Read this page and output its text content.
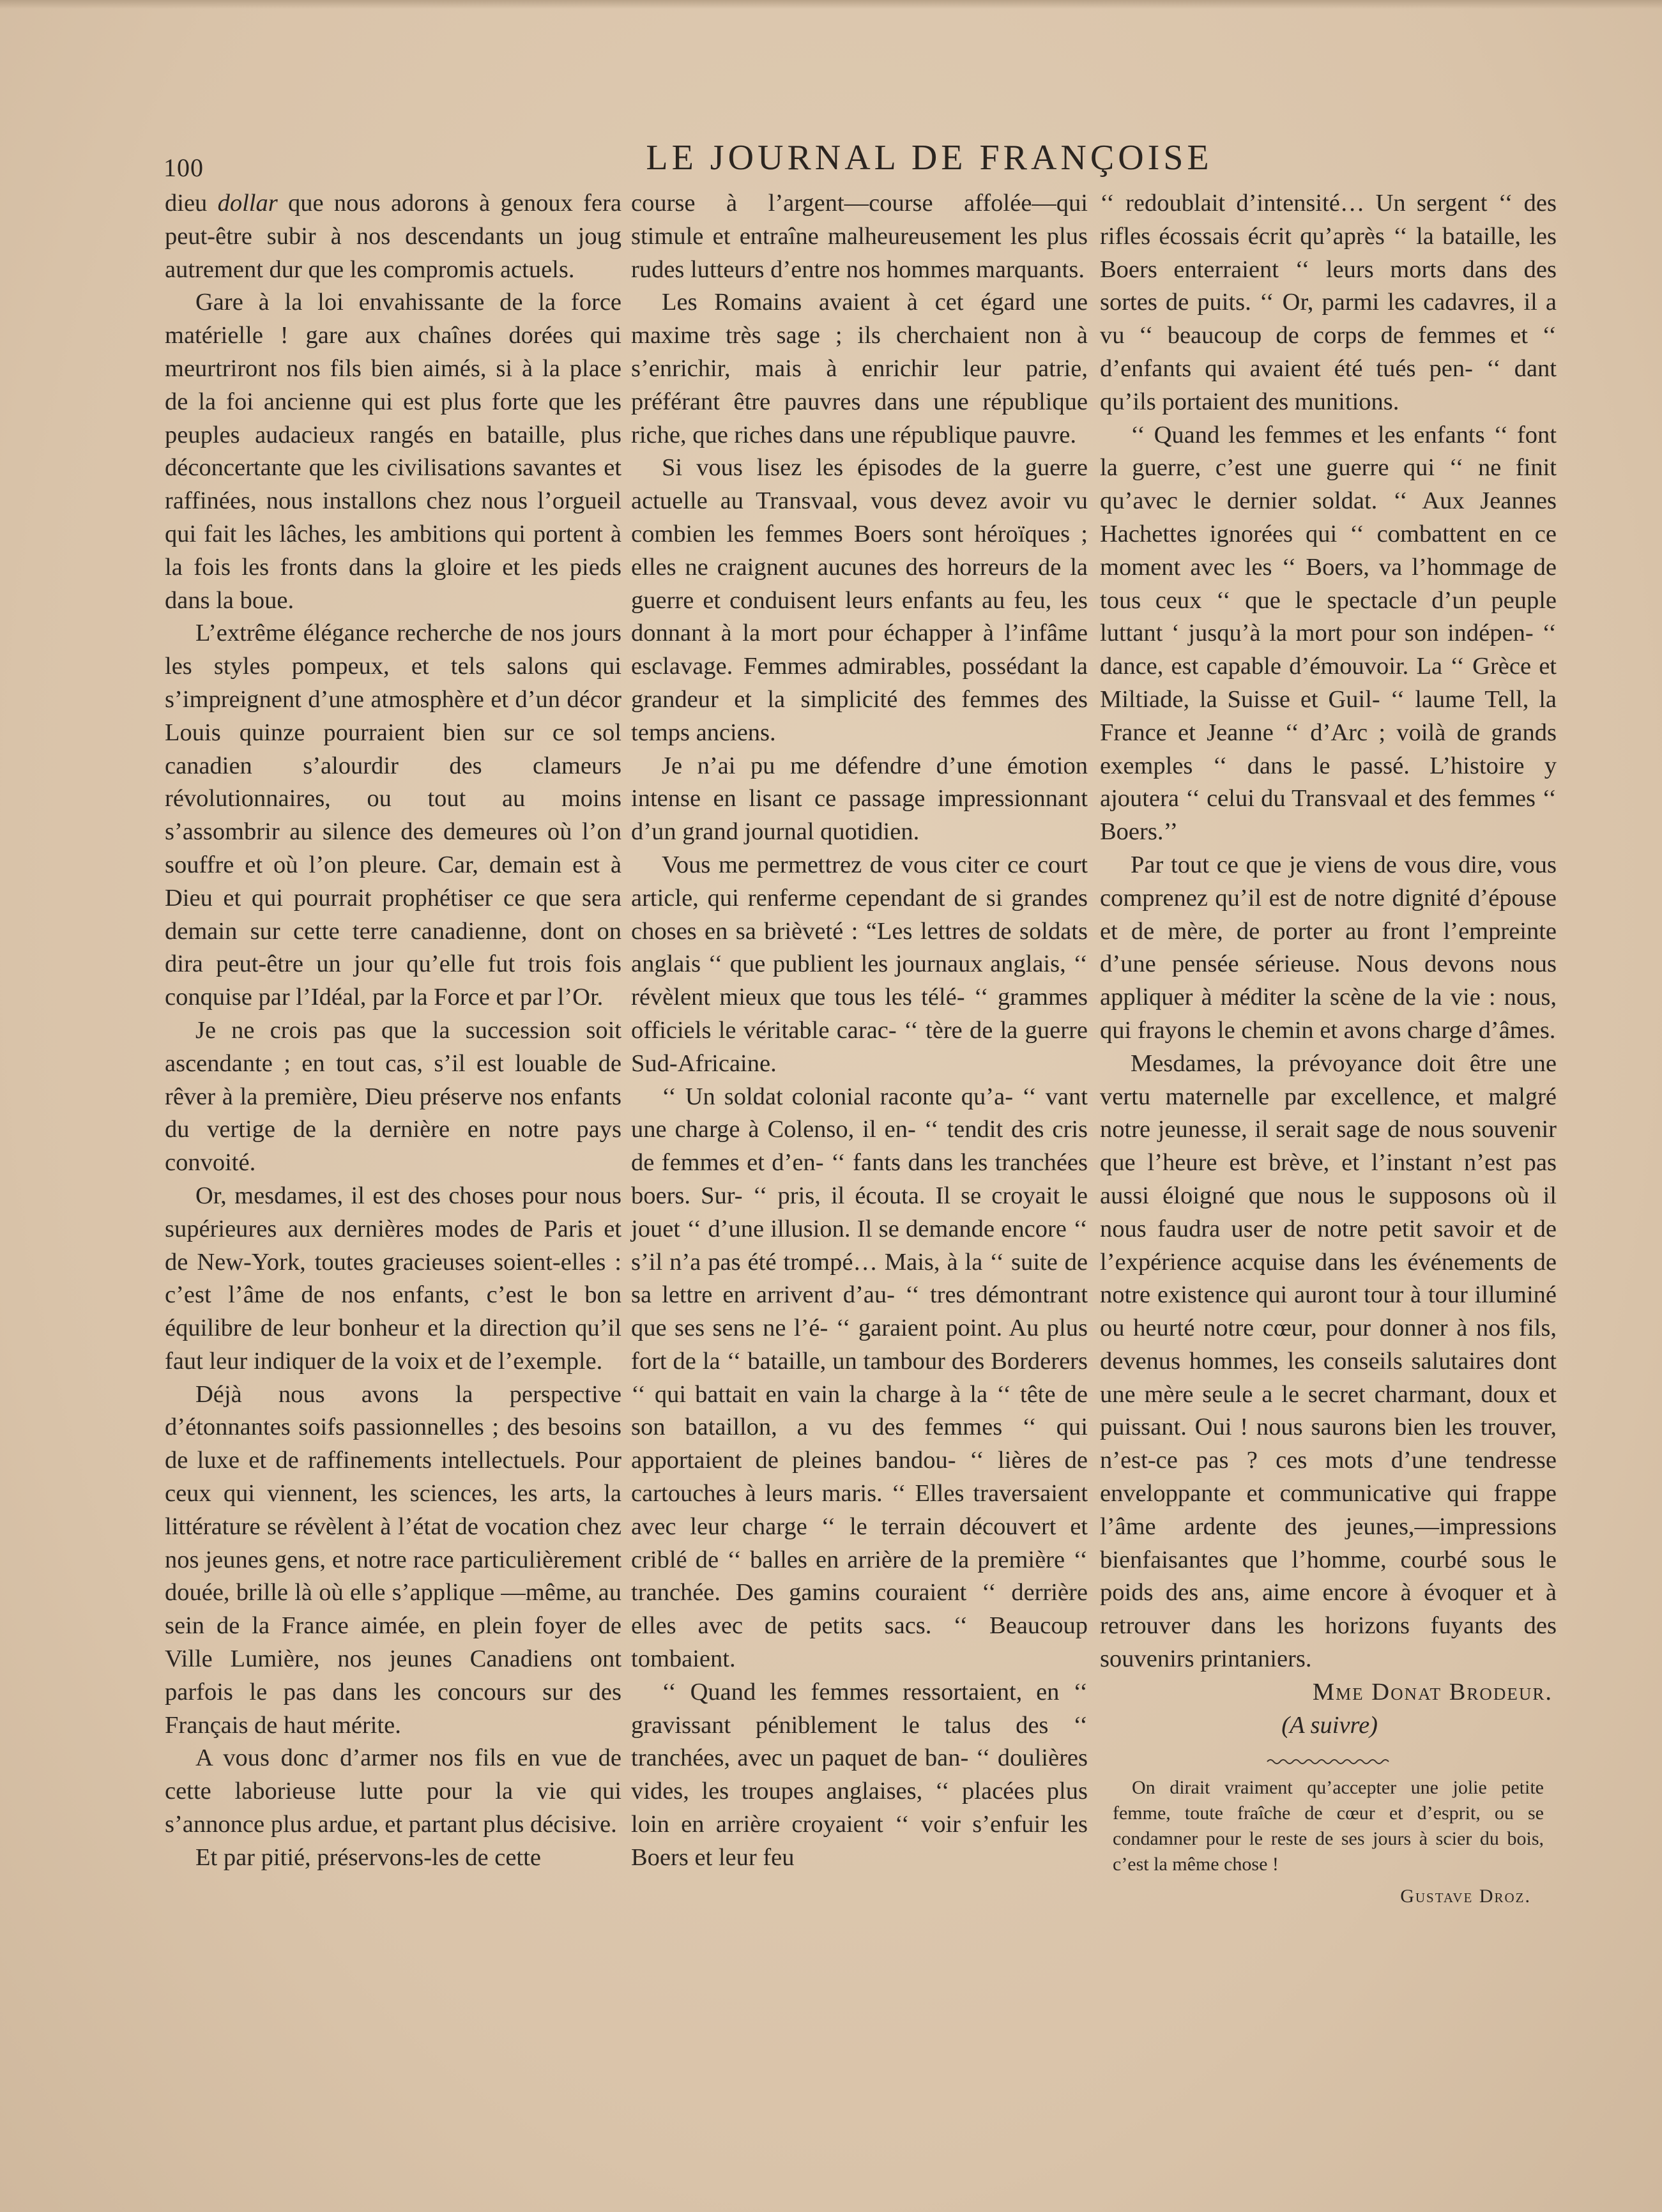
100	LE JOURNAL DE FRANÇOISE

dieu dollar que nous adorons à genoux fera peut-être subir à nos descendants un joug autrement dur que les compromis actuels.

Gare à la loi envahissante de la force matérielle ! gare aux chaînes dorées qui meurtriront nos fils bien aimés, si à la place de la foi ancienne qui est plus forte que les peuples audacieux rangés en bataille, plus déconcertante que les civilisations savantes et raffinées, nous installons chez nous l’orgueil qui fait les lâches, les ambitions qui portent à la fois les fronts dans la gloire et les pieds dans la boue.

L’extrême élégance recherche de nos jours les styles pompeux, et tels salons qui s’impreignent d’une atmosphère et d’un décor Louis quinze pourraient bien sur ce sol canadien s’alourdir des clameurs révolutionnaires, ou tout au moins s’assombrir au silence des demeures où l’on souffre et où l’on pleure. Car, demain est à Dieu et qui pourrait prophétiser ce que sera demain sur cette terre canadienne, dont on dira peut-être un jour qu’elle fut trois fois conquise par l’Idéal, par la Force et par l’Or.

Je ne crois pas que la succession soit ascendante ; en tout cas, s’il est louable de rêver à la première, Dieu préserve nos enfants du vertige de la dernière en notre pays convoité.

Or, mesdames, il est des choses pour nous supérieures aux dernières modes de Paris et de New-York, toutes gracieuses soient-elles : c’est l’âme de nos enfants, c’est le bon équilibre de leur bonheur et la direction qu’il faut leur indiquer de la voix et de l’exemple.

Déjà nous avons la perspective d’étonnantes soifs passionnelles ; des besoins de luxe et de raffinements intellectuels. Pour ceux qui viennent, les sciences, les arts, la littérature se révèlent à l’état de vocation chez nos jeunes gens, et notre race particulièrement douée, brille là où elle s’applique —même, au sein de la France aimée, en plein foyer de Ville Lumière, nos jeunes Canadiens ont parfois le pas dans les concours sur des Français de haut mérite.

A vous donc d’armer nos fils en vue de cette laborieuse lutte pour la vie qui s’annonce plus ardue, et partant plus décisive.

Et par pitié, préservons-les de cette

course à l’argent—course affolée—qui stimule et entraîne malheureusement les plus rudes lutteurs d’entre nos hommes marquants.

Les Romains avaient à cet égard une maxime très sage ; ils cherchaient non à s’enrichir, mais à enrichir leur patrie, préférant être pauvres dans une république riche, que riches dans une république pauvre.

Si vous lisez les épisodes de la guerre actuelle au Transvaal, vous devez avoir vu combien les femmes Boers sont héroïques ; elles ne craignent aucunes des horreurs de la guerre et conduisent leurs enfants au feu, les donnant à la mort pour échapper à l’infâme esclavage. Femmes admirables, possédant la grandeur et la simplicité des femmes des temps anciens.

Je n’ai pu me défendre d’une émotion intense en lisant ce passage impressionnant d’un grand journal quotidien.

Vous me permettrez de vous citer ce court article, qui renferme cependant de si grandes choses en sa brièveté : “Les lettres de soldats anglais ‘‘ que publient les journaux anglais, ‘‘ révèlent mieux que tous les télé- ‘‘ grammes officiels le véritable carac- ‘‘ tère de la guerre Sud-Africaine.

‘‘ Un soldat colonial raconte qu’a- ‘‘ vant une charge à Colenso, il en- ‘‘ tendit des cris de femmes et d’en- ‘‘ fants dans les tranchées boers. Sur- ‘‘ pris, il écouta. Il se croyait le jouet ‘‘ d’une illusion. Il se demande encore ‘‘ s’il n’a pas été trompé… Mais, à la ‘‘ suite de sa lettre en arrivent d’au- ‘‘ tres démontrant que ses sens ne l’é- ‘‘ garaient point. Au plus fort de la ‘‘ bataille, un tambour des Borderers ‘‘ qui battait en vain la charge à la ‘‘ tête de son bataillon, a vu des femmes ‘‘ qui apportaient de pleines bandou- ‘‘ lières de cartouches à leurs maris. ‘‘ Elles traversaient avec leur charge ‘‘ le terrain découvert et criblé de ‘‘ balles en arrière de la première ‘‘ tranchée. Des gamins couraient ‘‘ derrière elles avec de petits sacs. ‘‘ Beaucoup tombaient.

‘‘ Quand les femmes ressortaient, en ‘‘ gravissant péniblement le talus des ‘‘ tranchées, avec un paquet de ban- ‘‘ doulières vides, les troupes anglaises, ‘‘ placées plus loin en arrière croyaient ‘‘ voir s’enfuir les Boers et leur feu

‘‘ redoublait d’intensité… Un sergent ‘‘ des rifles écossais écrit qu’après ‘‘ la bataille, les Boers enterraient ‘‘ leurs morts dans des sortes de puits. ‘‘ Or, parmi les cadavres, il a vu ‘‘ beaucoup de corps de femmes et ‘‘ d’enfants qui avaient été tués pen- ‘‘ dant qu’ils portaient des munitions.

‘‘ Quand les femmes et les enfants ‘‘ font la guerre, c’est une guerre qui ‘‘ ne finit qu’avec le dernier soldat. ‘‘ Aux Jeannes Hachettes ignorées qui ‘‘ combattent en ce moment avec les ‘‘ Boers, va l’hommage de tous ceux ‘‘ que le spectacle d’un peuple luttant ‘ jusqu’à la mort pour son indépen- ‘‘ dance, est capable d’émouvoir. La ‘‘ Grèce et Miltiade, la Suisse et Guil- ‘‘ laume Tell, la France et Jeanne ‘‘ d’Arc ; voilà de grands exemples ‘‘ dans le passé. L’histoire y ajoutera ‘‘ celui du Transvaal et des femmes ‘‘ Boers.’’

Par tout ce que je viens de vous dire, vous comprenez qu’il est de notre dignité d’épouse et de mère, de porter au front l’empreinte d’une pensée sérieuse. Nous devons nous appliquer à méditer la scène de la vie : nous, qui frayons le chemin et avons charge d’âmes.

Mesdames, la prévoyance doit être une vertu maternelle par excellence, et malgré notre jeunesse, il serait sage de nous souvenir que l’heure est brève, et l’instant n’est pas aussi éloigné que nous le supposons où il nous faudra user de notre petit savoir et de l’expérience acquise dans les événements de notre existence qui auront tour à tour illuminé ou heurté notre cœur, pour donner à nos fils, devenus hommes, les conseils salutaires dont une mère seule a le secret charmant, doux et puissant. Oui ! nous saurons bien les trouver, n’est-ce pas ? ces mots d’une tendresse enveloppante et communicative qui frappe l’âme ardente des jeunes,—impressions bienfaisantes que l’homme, courbé sous le poids des ans, aime encore à évoquer et à retrouver dans les horizons fuyants des souvenirs printaniers.

Mme Donat Brodeur.

(A suivre)

On dirait vraiment qu’accepter une jolie petite femme, toute fraîche de cœur et d’esprit, ou se condamner pour le reste de ses jours à scier du bois, c’est la même chose !

Gustave Droz.
